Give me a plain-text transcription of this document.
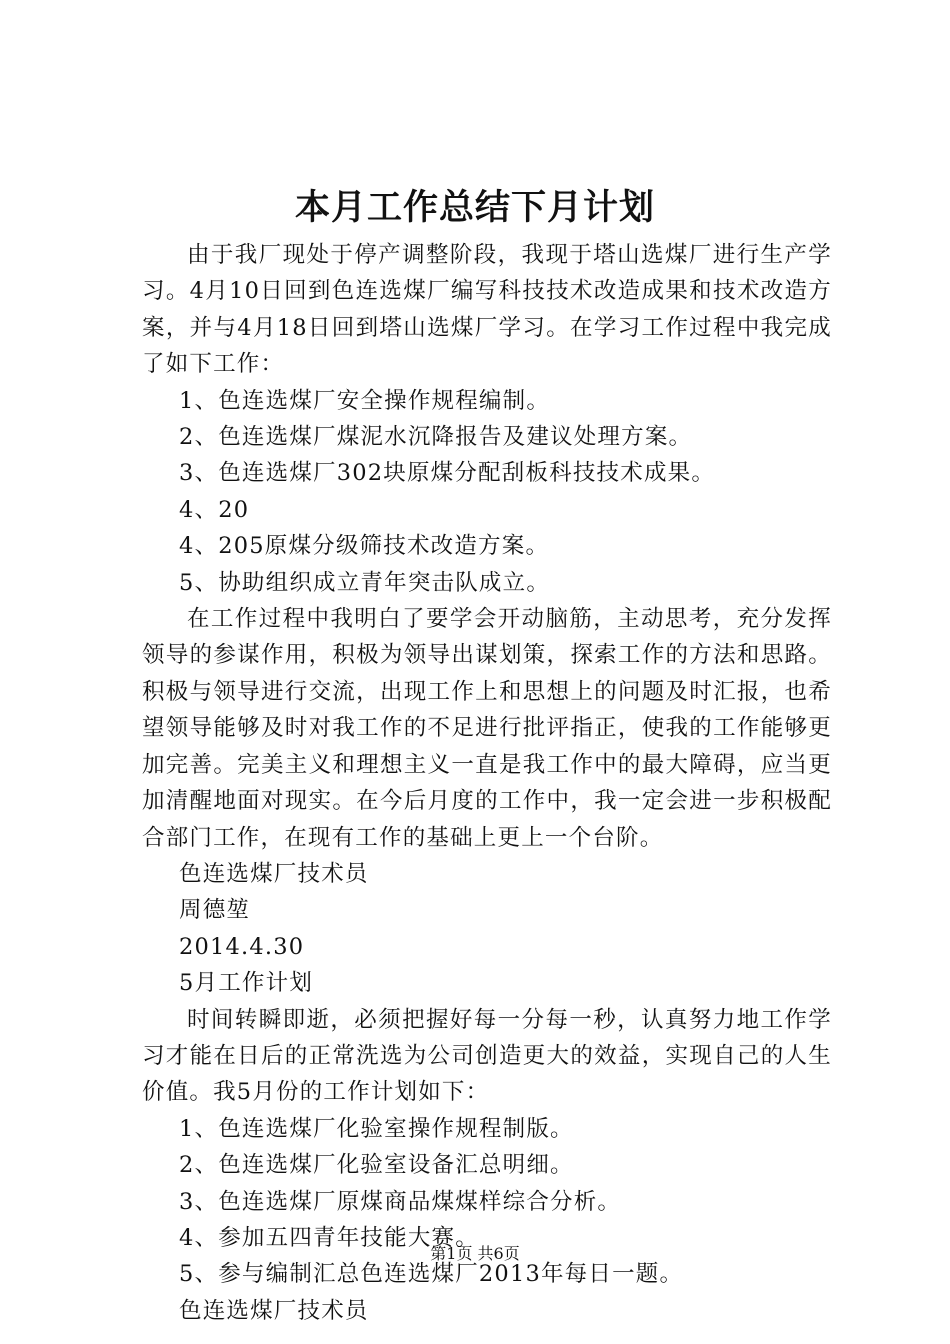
本月工作总结下月计划

由于我厂现处于停产调整阶段，我现于塔山选煤厂进行生产学习。4月10日回到色连选煤厂编写科技技术改造成果和技术改造方案，并与4月18日回到塔山选煤厂学习。在学习工作过程中我完成了如下工作：

1、色连选煤厂安全操作规程编制。

2、色连选煤厂煤泥水沉降报告及建议处理方案。

3、色连选煤厂302块原煤分配刮板科技技术成果。

4、20

4、205原煤分级筛技术改造方案。

5、协助组织成立青年突击队成立。

在工作过程中我明白了要学会开动脑筋，主动思考，充分发挥领导的参谋作用，积极为领导出谋划策，探索工作的方法和思路。积极与领导进行交流，出现工作上和思想上的问题及时汇报，也希望领导能够及时对我工作的不足进行批评指正，使我的工作能够更加完善。完美主义和理想主义一直是我工作中的最大障碍，应当更加清醒地面对现实。在今后月度的工作中，我一定会进一步积极配合部门工作，在现有工作的基础上更上一个台阶。

色连选煤厂技术员

周德堃

2014.4.30

5月工作计划

时间转瞬即逝，必须把握好每一分每一秒，认真努力地工作学习才能在日后的正常洗选为公司创造更大的效益，实现自己的人生价值。我5月份的工作计划如下：

1、色连选煤厂化验室操作规程制版。

2、色连选煤厂化验室设备汇总明细。

3、色连选煤厂原煤商品煤煤样综合分析。

4、参加五四青年技能大赛。

5、参与编制汇总色连选煤厂2013年每日一题。

色连选煤厂技术员

第1页 共6页
